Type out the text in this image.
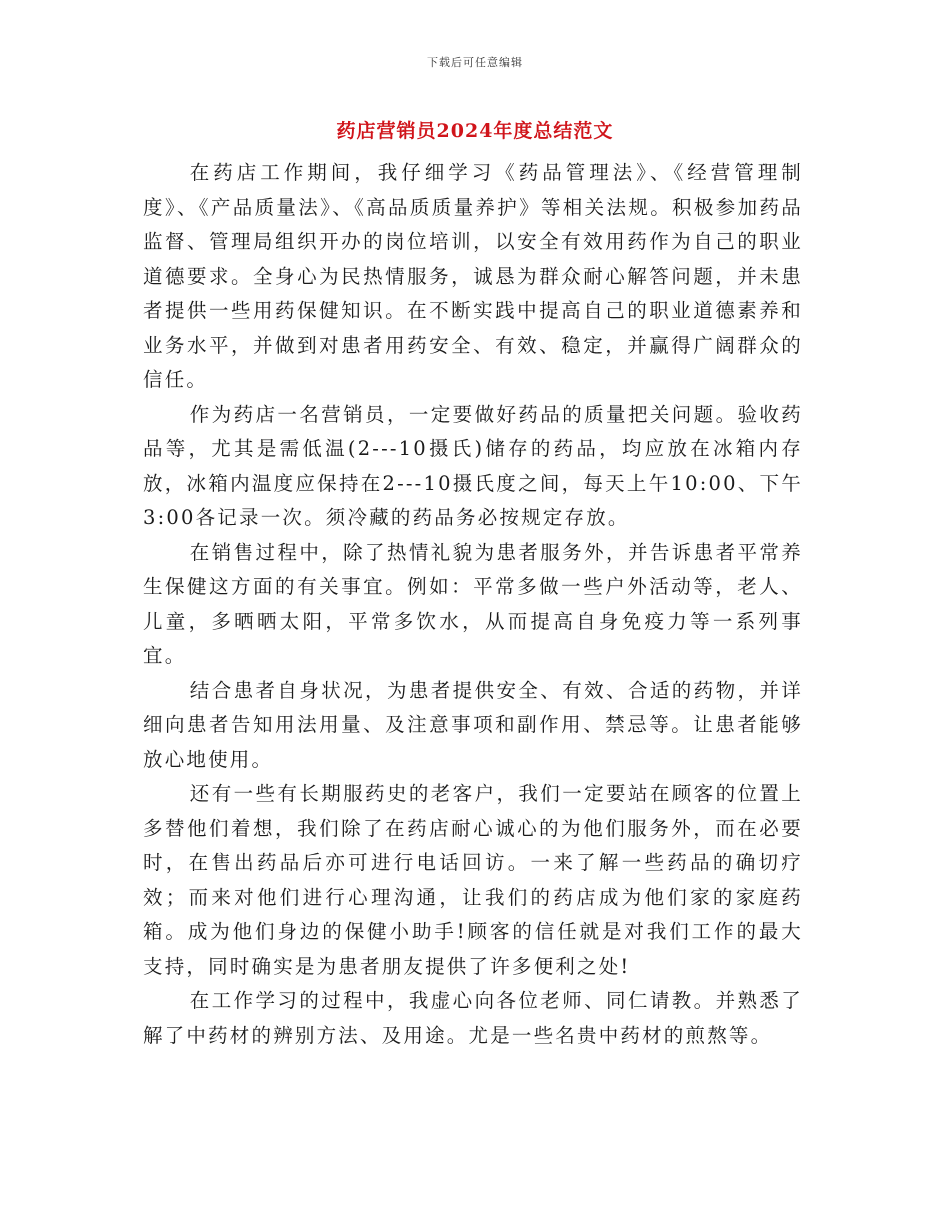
下载后可任意编辑
药店营销员2024年度总结范文

在药店工作期间，我仔细学习《药品管理法》、《经营管理制度》、《产品质量法》、《高品质质量养护》等相关法规。积极参加药品监督、管理局组织开办的岗位培训，以安全有效用药作为自己的职业道德要求。全身心为民热情服务，诚恳为群众耐心解答问题，并未患者提供一些用药保健知识。在不断实践中提高自己的职业道德素养和业务水平，并做到对患者用药安全、有效、稳定，并赢得广阔群众的信任。

作为药店一名营销员，一定要做好药品的质量把关问题。验收药品等，尤其是需低温(2---10摄氏)储存的药品，均应放在冰箱内存放，冰箱内温度应保持在2---10摄氏度之间，每天上午10:00、下午3:00各记录一次。须冷藏的药品务必按规定存放。

在销售过程中，除了热情礼貌为患者服务外，并告诉患者平常养生保健这方面的有关事宜。例如：平常多做一些户外活动等，老人、儿童，多晒晒太阳，平常多饮水，从而提高自身免疫力等一系列事宜。

结合患者自身状况，为患者提供安全、有效、合适的药物，并详细向患者告知用法用量、及注意事项和副作用、禁忌等。让患者能够放心地使用。

还有一些有长期服药史的老客户，我们一定要站在顾客的位置上多替他们着想，我们除了在药店耐心诚心的为他们服务外，而在必要时，在售出药品后亦可进行电话回访。一来了解一些药品的确切疗效；而来对他们进行心理沟通，让我们的药店成为他们家的家庭药箱。成为他们身边的保健小助手!顾客的信任就是对我们工作的最大支持，同时确实是为患者朋友提供了许多便利之处!

在工作学习的过程中，我虚心向各位老师、同仁请教。并熟悉了解了中药材的辨别方法、及用途。尤是一些名贵中药材的煎熬等。
